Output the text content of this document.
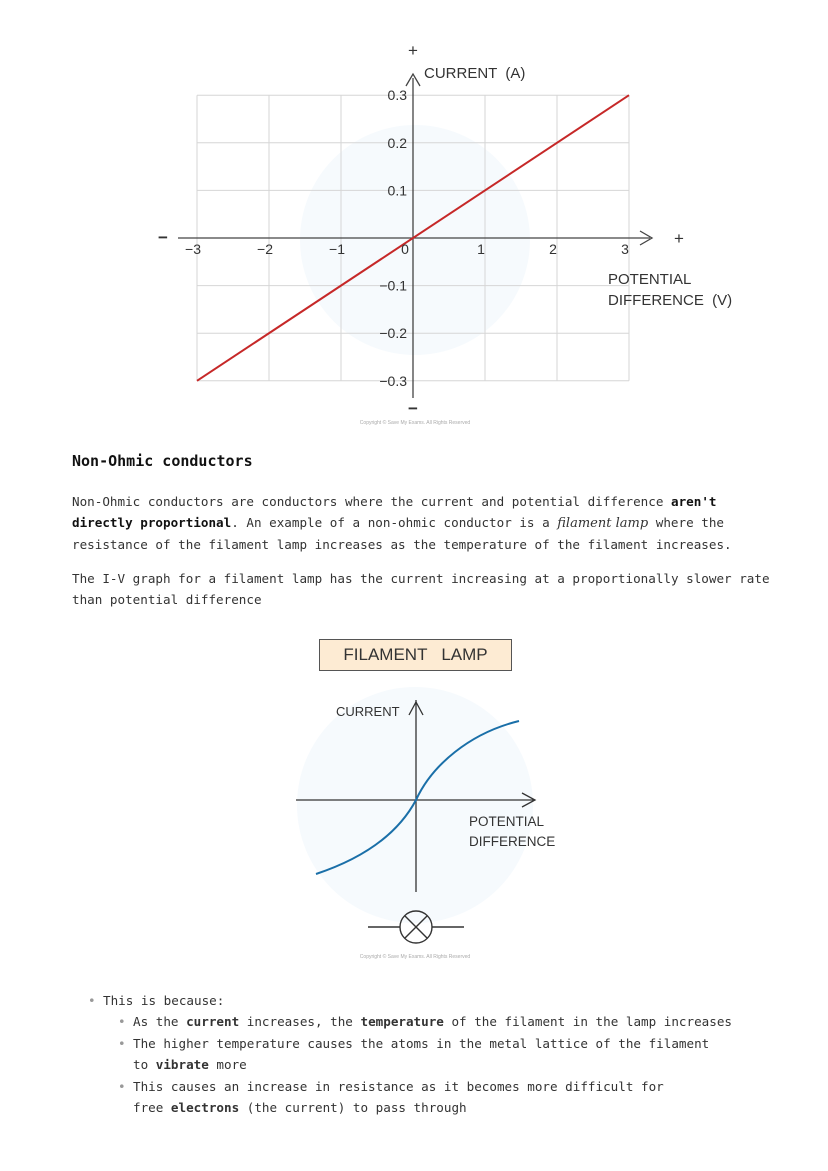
−3	−2	−1	0	1	2	3
0.1
0.2
0.3
−0.1
−0.2
−0.3
+
−
−	+
CURRENT  (A)
POTENTIAL
DIFFERENCE  (V)
Copyright © Save My Exams. All Rights Reserved
Non-Ohmic conductors
Non-Ohmic conductors are conductors where the current and potential difference aren't directly proportional. An example of a non-ohmic conductor is a filament lamp where the resistance of the filament lamp increases as the temperature of the filament increases.
The I-V graph for a filament lamp has the current increasing at a proportionally slower rate than potential difference
FILAMENT   LAMP
CURRENT
POTENTIAL
DIFFERENCE
Copyright © Save My Exams. All Rights Reserved
• This is because:
• As the current increases, the temperature of the filament in the lamp increases
• The higher temperature causes the atoms in the metal lattice of the filament to vibrate more
• This causes an increase in resistance as it becomes more difficult for free electrons (the current) to pass through
